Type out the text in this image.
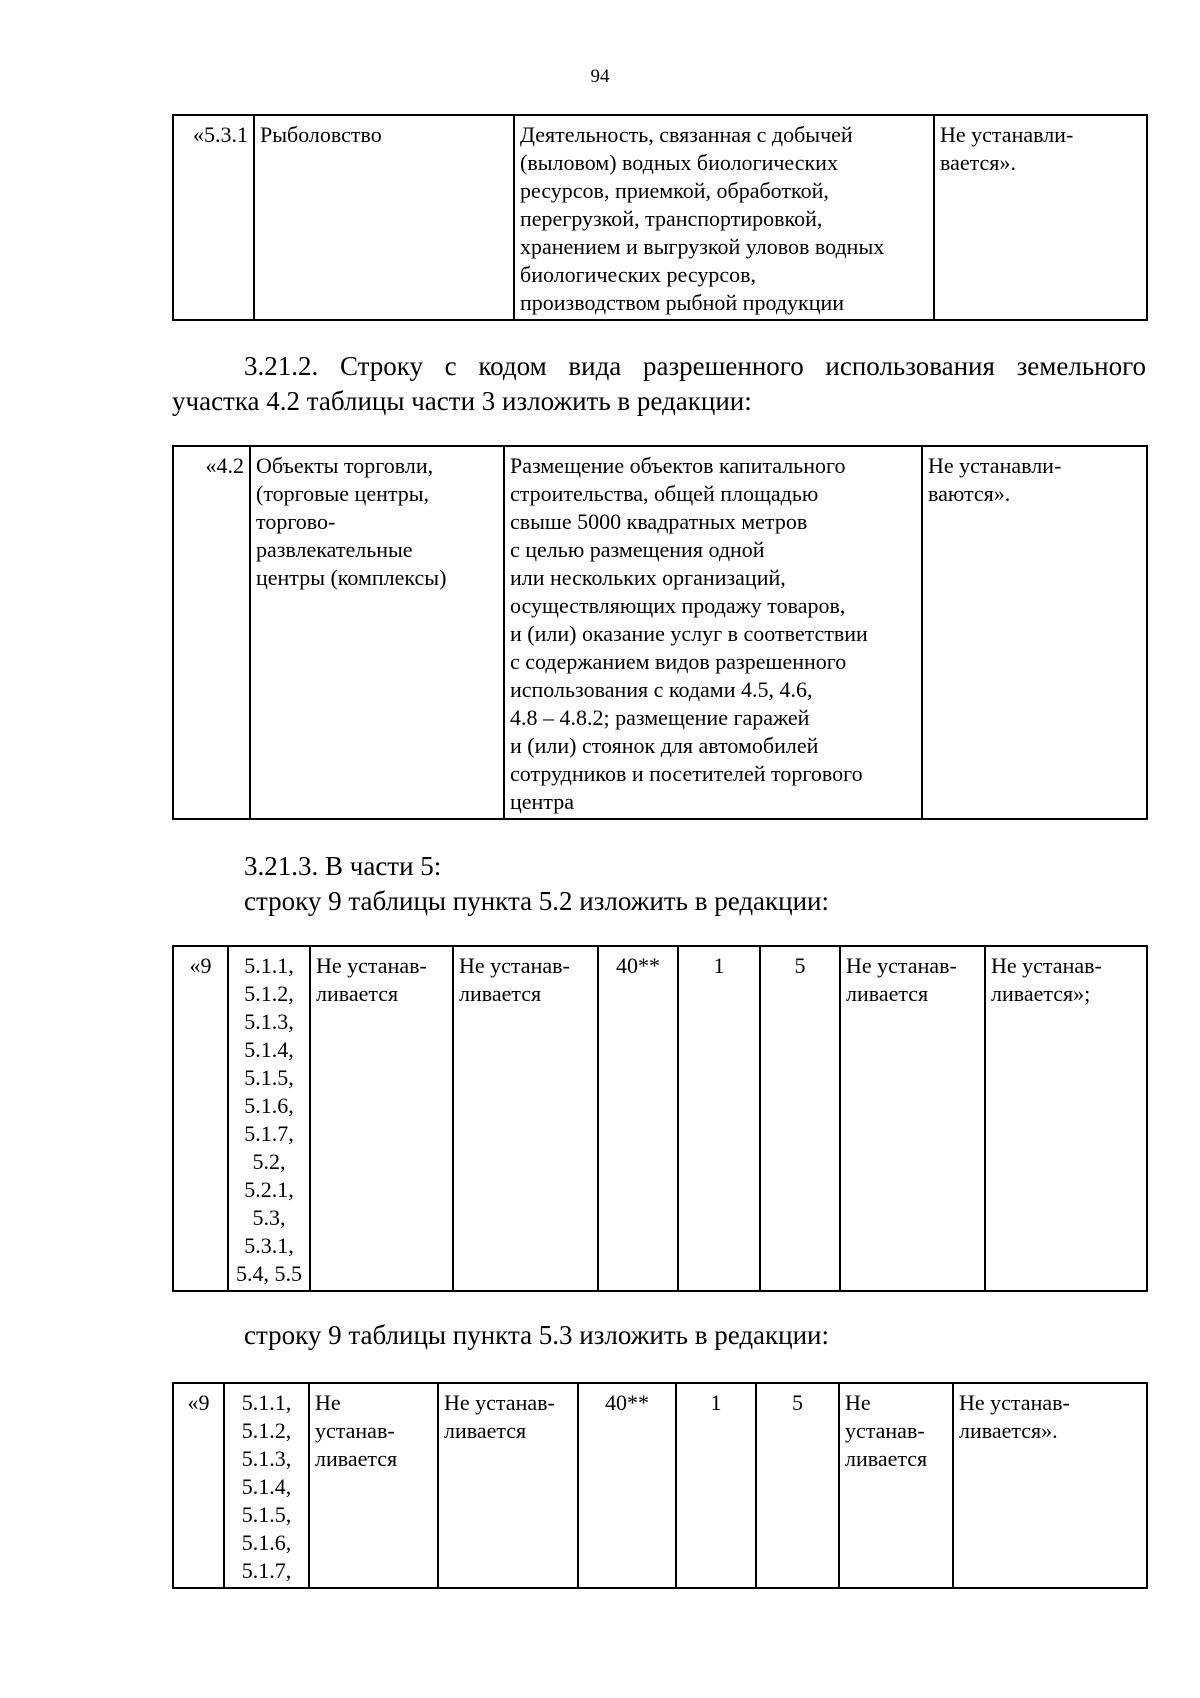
94
«5.3.1	Рыболовство	Деятельность, связанная с добычей
(выловом) водных биологических
ресурсов, приемкой, обработкой,
перегрузкой, транспортировкой,
хранением и выгрузкой уловов водных
биологических ресурсов,
производством рыбной продукции	Не устанавли-
вается».
3.21.2. Строку с кодом вида разрешенного использования земельного
участка 4.2 таблицы части 3 изложить в редакции:
«4.2	Объекты торговли,
(торговые центры,
торгово-
развлекательные
центры (комплексы)	Размещение объектов капитального
строительства, общей площадью
свыше 5000 квадратных метров
с целью размещения одной
или нескольких организаций,
осуществляющих продажу товаров,
и (или) оказание услуг в соответствии
с содержанием видов разрешенного
использования с кодами 4.5, 4.6,
4.8 – 4.8.2; размещение гаражей
и (или) стоянок для автомобилей
сотрудников и посетителей торгового
центра	Не устанавли-
ваются».
3.21.3. В части 5:
строку 9 таблицы пункта 5.2 изложить в редакции:
«9	5.1.1,
5.1.2,
5.1.3,
5.1.4,
5.1.5,
5.1.6,
5.1.7,
5.2,
5.2.1,
5.3,
5.3.1,
5.4, 5.5	Не устанав-
ливается	Не устанав-
ливается	40**	1	5	Не устанав-
ливается	Не устанав-
ливается»;
строку 9 таблицы пункта 5.3 изложить в редакции:
«9	5.1.1,
5.1.2,
5.1.3,
5.1.4,
5.1.5,
5.1.6,
5.1.7,	Не
устанав-
ливается	Не устанав-
ливается	40**	1	5	Не
устанав-
ливается	Не устанав-
ливается».
